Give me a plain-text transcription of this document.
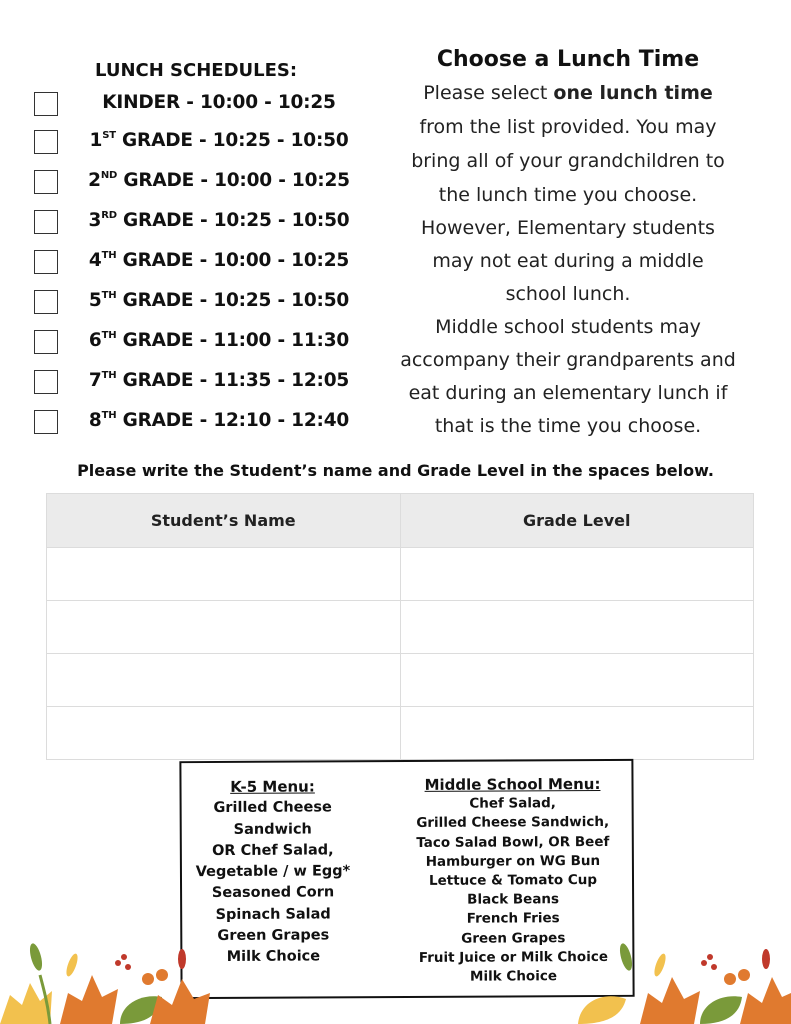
LUNCH SCHEDULES:
KINDER - 10:00 - 10:25
1ST GRADE - 10:25 - 10:50
2ND GRADE - 10:00 - 10:25
3RD GRADE - 10:25 - 10:50
4TH GRADE - 10:00 - 10:25
5TH GRADE - 10:25 - 10:50
6TH GRADE - 11:00 - 11:30
7TH GRADE - 11:35 - 12:05
8TH GRADE - 12:10 - 12:40
Choose a Lunch Time
Please select one lunch time
from the list provided. You may
bring all of your grandchildren to
the lunch time you choose.
However, Elementary students
may not eat during a middle
school lunch.
Middle school students may
accompany their grandparents and
eat during an elementary lunch if
that is the time you choose.
Please write the Student’s name and Grade Level in the spaces below.
Student’s Name	Grade Level

K-5 Menu:
Grilled Cheese
Sandwich
OR Chef Salad,
Vegetable / w Egg*
Seasoned Corn
Spinach Salad
Green Grapes
Milk Choice
Middle School Menu:
Chef Salad,
Grilled Cheese Sandwich,
Taco Salad Bowl, OR Beef
Hamburger on WG Bun
Lettuce & Tomato Cup
Black Beans
French Fries
Green Grapes
Fruit Juice or Milk Choice
Milk Choice
